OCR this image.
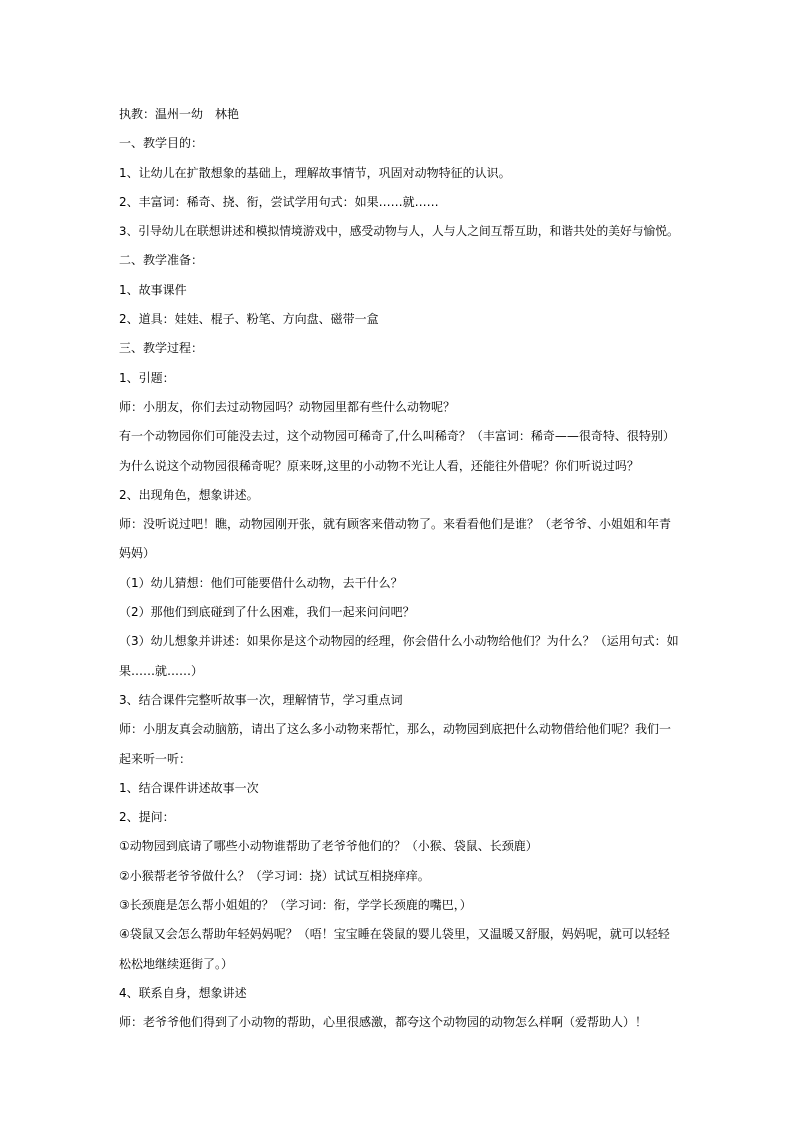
执教：温州一幼　林艳
一、教学目的：
1、让幼儿在扩散想象的基础上，理解故事情节，巩固对动物特征的认识。
2、丰富词：稀奇、挠、衔，尝试学用句式：如果……就……
3、引导幼儿在联想讲述和模拟情境游戏中，感受动物与人，人与人之间互帮互助，和谐共处的美好与愉悦。
二、教学准备：
1、故事课件
2、道具：娃娃、棍子、粉笔、方向盘、磁带一盒
三、教学过程：
1、引题：
师：小朋友，你们去过动物园吗？动物园里都有些什么动物呢？
有一个动物园你们可能没去过，这个动物园可稀奇了,什么叫稀奇？（丰富词：稀奇——很奇特、很特别）
为什么说这个动物园很稀奇呢？原来呀,这里的小动物不光让人看，还能往外借呢？你们听说过吗？
2、出现角色，想象讲述。
师：没听说过吧！瞧，动物园刚开张，就有顾客来借动物了。来看看他们是谁？（老爷爷、小姐姐和年青
妈妈）
（1）幼儿猜想：他们可能要借什么动物，去干什么？
（2）那他们到底碰到了什么困难，我们一起来问问吧？
（3）幼儿想象并讲述：如果你是这个动物园的经理，你会借什么小动物给他们？为什么？（运用句式：如
果……就……）
3、结合课件完整听故事一次，理解情节，学习重点词
师：小朋友真会动脑筋，请出了这么多小动物来帮忙，那么，动物园到底把什么动物借给他们呢？我们一
起来听一听：
1、结合课件讲述故事一次
2、提问：
①动物园到底请了哪些小动物谁帮助了老爷爷他们的？（小猴、袋鼠、长颈鹿）
②小猴帮老爷爷做什么？（学习词：挠）试试互相挠痒痒。
③长颈鹿是怎么帮小姐姐的？（学习词：衔，学学长颈鹿的嘴巴，）
④袋鼠又会怎么帮助年轻妈妈呢？（唔！宝宝睡在袋鼠的婴儿袋里，又温暖又舒服，妈妈呢，就可以轻轻
松松地继续逛街了。）
4、联系自身，想象讲述
师：老爷爷他们得到了小动物的帮助，心里很感激，都夸这个动物园的动物怎么样啊（爱帮助人）！
